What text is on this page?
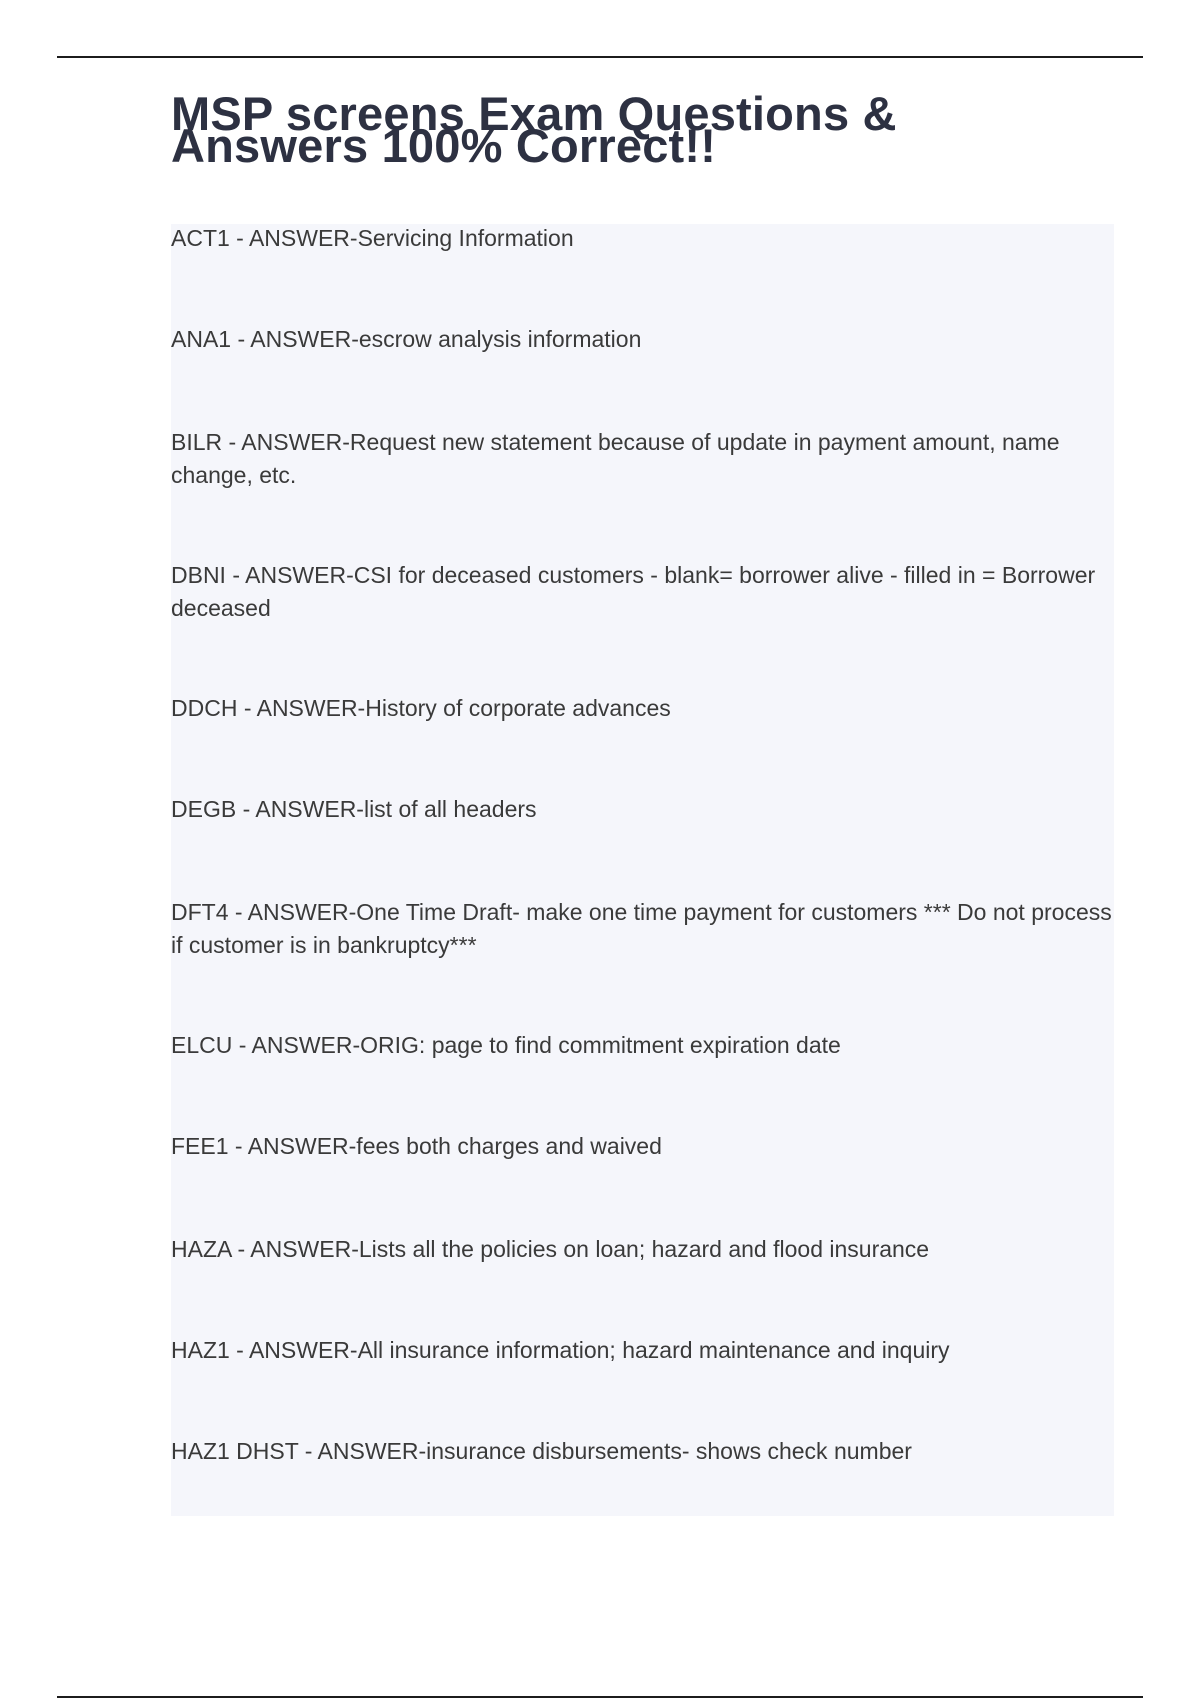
MSP screens Exam Questions & Answers 100% Correct!!

ACT1 - ANSWER-Servicing Information

ANA1 - ANSWER-escrow analysis information

BILR - ANSWER-Request new statement because of update in payment amount, name change, etc.

DBNI - ANSWER-CSI for deceased customers - blank= borrower alive - filled in = Borrower deceased

DDCH - ANSWER-History of corporate advances

DEGB - ANSWER-list of all headers

DFT4 - ANSWER-One Time Draft- make one time payment for customers *** Do not process if customer is in bankruptcy***

ELCU - ANSWER-ORIG: page to find commitment expiration date

FEE1 - ANSWER-fees both charges and waived

HAZA - ANSWER-Lists all the policies on loan; hazard and flood insurance

HAZ1 - ANSWER-All insurance information; hazard maintenance and inquiry

HAZ1 DHST - ANSWER-insurance disbursements- shows check number
